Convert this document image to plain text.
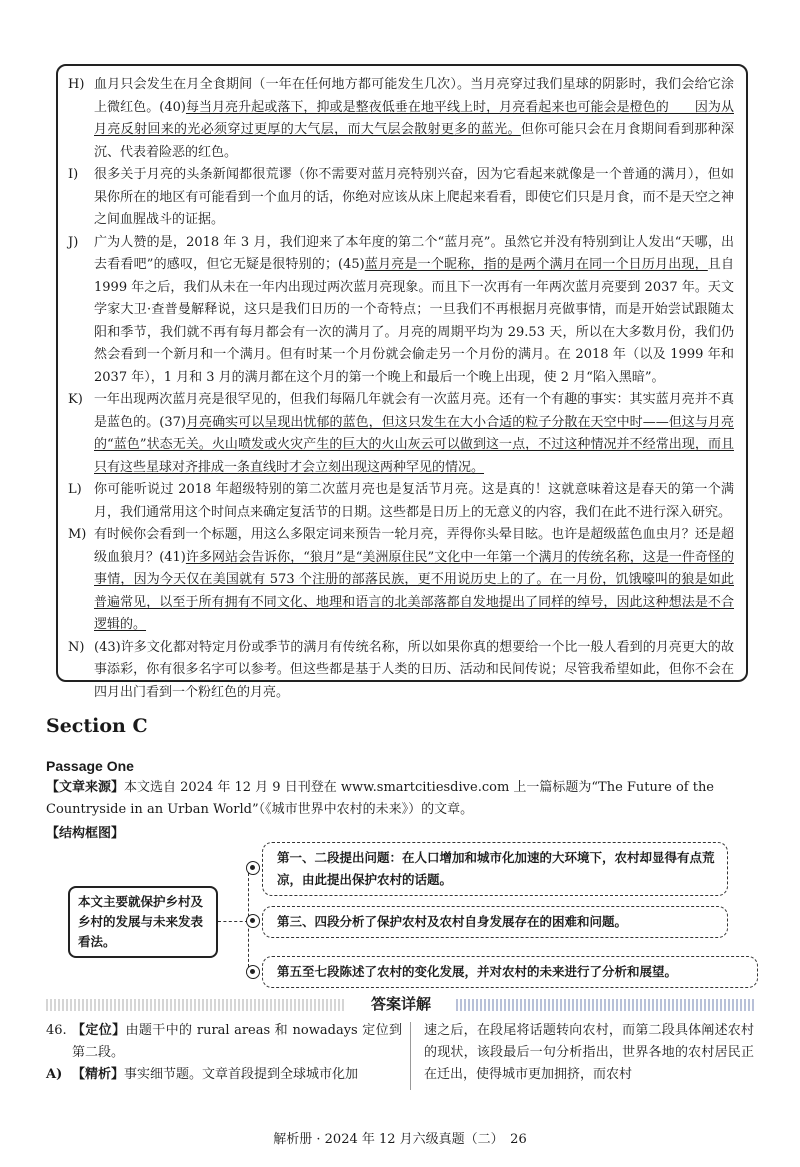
H) 血月只会发生在月全食期间（一年在任何地方都可能发生几次）。当月亮穿过我们星球的阴影时，我们会给它涂上微红色。(40)每当月亮升起或落下，抑或是整夜低垂在地平线上时，月亮看起来也可能会是橙色的　　因为从月亮反射回来的光必须穿过更厚的大气层，而大气层会散射更多的蓝光。但你可能只会在月食期间看到那种深沉、代表着险恶的红色。
I)	很多关于月亮的头条新闻都很荒谬（你不需要对蓝月亮特别兴奋，因为它看起来就像是一个普通的满月），但如果你所在的地区有可能看到一个血月的话，你绝对应该从床上爬起来看看，即使它们只是月食，而不是天空之神之间血腥战斗的证据。
J)	广为人赞的是，2018 年 3 月，我们迎来了本年度的第二个“蓝月亮”。虽然它并没有特别到让人发出“天哪，出去看看吧”的感叹，但它无疑是很特别的；(45)蓝月亮是一个昵称，指的是两个满月在同一个日历月出现，且自 1999 年之后，我们从未在一年内出现过两次蓝月亮现象。而且下一次再有一年两次蓝月亮要到 2037 年。天文学家大卫·查普曼解释说，这只是我们日历的一个奇特点；一旦我们不再根据月亮做事情，而是开始尝试跟随太阳和季节，我们就不再有每月都会有一次的满月了。月亮的周期平均为 29.53 天，所以在大多数月份，我们仍然会看到一个新月和一个满月。但有时某一个月份就会偷走另一个月份的满月。在 2018 年（以及 1999 年和 2037 年），1 月和 3 月的满月都在这个月的第一个晚上和最后一个晚上出现，使 2 月“陷入黑暗”。
K) 一年出现两次蓝月亮是很罕见的，但我们每隔几年就会有一次蓝月亮。还有一个有趣的事实：其实蓝月亮并不真是蓝色的。(37)月亮确实可以呈现出忧郁的蓝色，但这只发生在大小合适的粒子分散在天空中时——但这与月亮的“蓝色”状态无关。火山喷发或火灾产生的巨大的火山灰云可以做到这一点，不过这种情况并不经常出现，而且只有这些星球对齐排成一条直线时才会立刻出现这两种罕见的情况。
L) 你可能听说过 2018 年超级特别的第二次蓝月亮也是复活节月亮。这是真的！这就意味着这是春天的第一个满月，我们通常用这个时间点来确定复活节的日期。这些都是日历上的无意义的内容，我们在此不进行深入研究。
M) 有时候你会看到一个标题，用这么多限定词来预告一轮月亮，弄得你头晕目眩。也许是超级蓝色血虫月？还是超级血狼月？(41)许多网站会告诉你，“狼月”是“美洲原住民”文化中一年第一个满月的传统名称，这是一件奇怪的事情，因为今天仅在美国就有 573 个注册的部落民族，更不用说历史上的了。在一月份，饥饿嚎叫的狼是如此普遍常见，以至于所有拥有不同文化、地理和语言的北美部落都自发地提出了同样的绰号，因此这种想法是不合逻辑的。
N) (43)许多文化都对特定月份或季节的满月有传统名称，所以如果你真的想要给一个比一般人看到的月亮更大的故事添彩，你有很多名字可以参考。但这些都是基于人类的日历、活动和民间传说；尽管我希望如此，但你不会在四月出门看到一个粉红色的月亮。
Section C
Passage One
【文章来源】本文选自 2024 年 12 月 9 日刊登在 www.smartcitiesdive.com 上一篇标题为“The Future of the Countryside in an Urban World”（《城市世界中农村的未来》）的文章。
【结构框图】
本文主要就保护乡村及乡村的发展与未来发表看法。
第一、二段提出问题：在人口增加和城市化加速的大环境下，农村却显得有点荒凉，由此提出保护农村的话题。
第三、四段分析了保护农村及农村自身发展存在的困难和问题。
第五至七段陈述了农村的变化发展，并对农村的未来进行了分析和展望。
答案详解
46. 【定位】由题干中的 rural areas 和 nowadays 定位到第二段。
A) 【精析】事实细节题。文章首段提到全球城市化加
速之后，在段尾将话题转向农村，而第二段具体阐述农村的现状，该段最后一句分析指出，世界各地的农村居民正在迁出，使得城市更加拥挤，而农村
解析册 · 2024 年 12 月六级真题（二）　26
